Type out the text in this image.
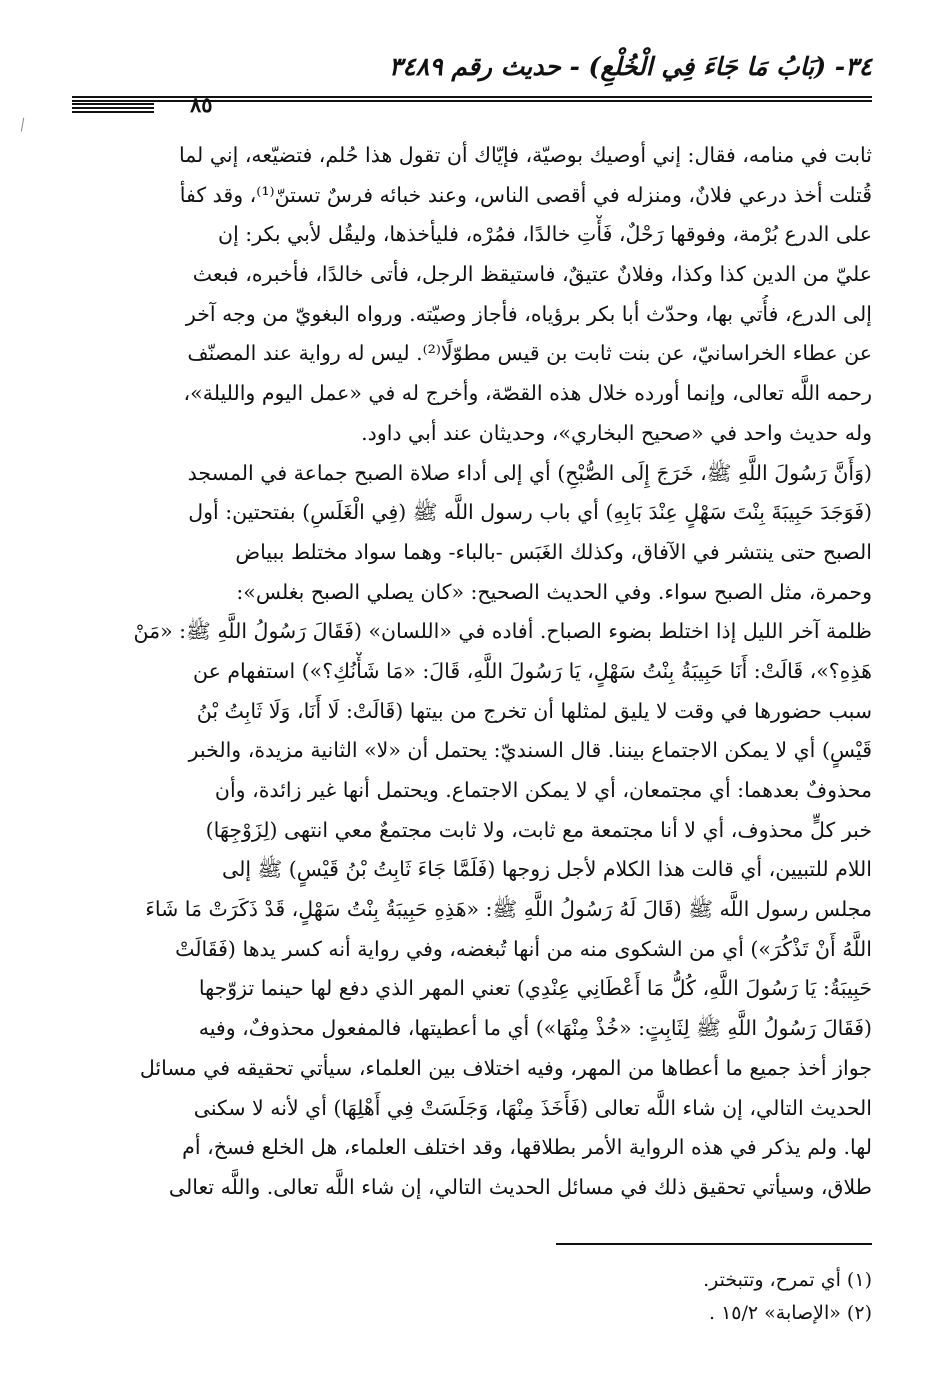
٣٤- (بَابُ مَا جَاءَ فِي الْخُلْعِ) - حديث رقم ٣٤٨٩
٨٥
ثابت في منامه، فقال: إني أوصيك بوصيّة، فإيّاك أن تقول هذا حُلم، فتضيّعه، إني لما
قُتلت أخذ درعي فلانٌ، ومنزله في أقصى الناس، وعند خبائه فرسٌ تستنّ⁽¹⁾، وقد كفأ
على الدرع بُرْمة، وفوقها رَحْلٌ، فَأْتِ خالدًا، فمُرْه، فليأخذها، وليقُل لأبي بكر: إن
عليّ من الدين كذا وكذا، وفلانٌ عتيقٌ، فاستيقظ الرجل، فأتى خالدًا، فأخبره، فبعث
إلى الدرع، فأُتي بها، وحدّث أبا بكر برؤياه، فأجاز وصيّته. ورواه البغويّ من وجه آخر
عن عطاء الخراسانيّ، عن بنت ثابت بن قيس مطوّلًا⁽²⁾. ليس له رواية عند المصنّف
رحمه اللَّه تعالى، وإنما أورده خلال هذه القصّة، وأخرج له في «عمل اليوم والليلة»،
وله حديث واحد في «صحيح البخاري»، وحديثان عند أبي داود.
(وَأَنَّ رَسُولَ اللَّهِ ﷺ، خَرَجَ إِلَى الصُّبْحِ) أي إلى أداء صلاة الصبح جماعة في المسجد
(فَوَجَدَ حَبِيبَةَ بِنْتَ سَهْلٍ عِنْدَ بَابِهِ) أي باب رسول اللَّه ﷺ (فِي الْغَلَسِ) بفتحتين: أول
الصبح حتى ينتشر في الآفاق، وكذلك الغَبَس -بالباء- وهما سواد مختلط ببياض
وحمرة، مثل الصبح سواء. وفي الحديث الصحيح: «كان يصلي الصبح بغلس»:
ظلمة آخر الليل إذا اختلط بضوء الصباح. أفاده في «اللسان» (فَقَالَ رَسُولُ اللَّهِ ﷺ: «مَنْ
هَذِهِ؟»، قَالَتْ: أَنَا حَبِيبَةُ بِنْتُ سَهْلٍ، يَا رَسُولَ اللَّهِ، قَالَ: «مَا شَأْنُكِ؟») استفهام عن
سبب حضورها في وقت لا يليق لمثلها أن تخرج من بيتها (قَالَتْ: لَا أَنَا، وَلَا ثَابِتُ بْنُ
قَيْسٍ) أي لا يمكن الاجتماع بيننا. قال السنديّ: يحتمل أن «لا» الثانية مزيدة، والخبر
محذوفٌ بعدهما: أي مجتمعان، أي لا يمكن الاجتماع. ويحتمل أنها غير زائدة، وأن
خبر كلٍّ محذوف، أي لا أنا مجتمعة مع ثابت، ولا ثابت مجتمعٌ معي انتهى (لِزَوْجِهَا)
اللام للتبيين، أي قالت هذا الكلام لأجل زوجها (فَلَمَّا جَاءَ ثَابِتُ بْنُ قَيْسٍ) ﷺ إلى
مجلس رسول اللَّه ﷺ (قَالَ لَهُ رَسُولُ اللَّهِ ﷺ: «هَذِهِ حَبِيبَةُ بِنْتُ سَهْلٍ، قَدْ ذَكَرَتْ مَا شَاءَ
اللَّهُ أَنْ تَذْكُرَ») أي من الشكوى منه من أنها تُبغضه، وفي رواية أنه كسر يدها (فَقَالَتْ
حَبِيبَةُ: يَا رَسُولَ اللَّهِ، كُلُّ مَا أَعْطَانِي عِنْدِي) تعني المهر الذي دفع لها حينما تزوّجها
(فَقَالَ رَسُولُ اللَّهِ ﷺ لِثَابِتٍ: «خُذْ مِنْهَا») أي ما أعطيتها، فالمفعول محذوفٌ، وفيه
جواز أخذ جميع ما أعطاها من المهر، وفيه اختلاف بين العلماء، سيأتي تحقيقه في مسائل
الحديث التالي، إن شاء اللَّه تعالى (فَأَخَذَ مِنْهَا، وَجَلَسَتْ فِي أَهْلِهَا) أي لأنه لا سكنى
لها. ولم يذكر في هذه الرواية الأمر بطلاقها، وقد اختلف العلماء، هل الخلع فسخ، أم
طلاق، وسيأتي تحقيق ذلك في مسائل الحديث التالي، إن شاء اللَّه تعالى. واللَّه تعالى
(١) أي تمرح، وتتبختر.
(٢) «الإصابة» ١٥/٢ .
